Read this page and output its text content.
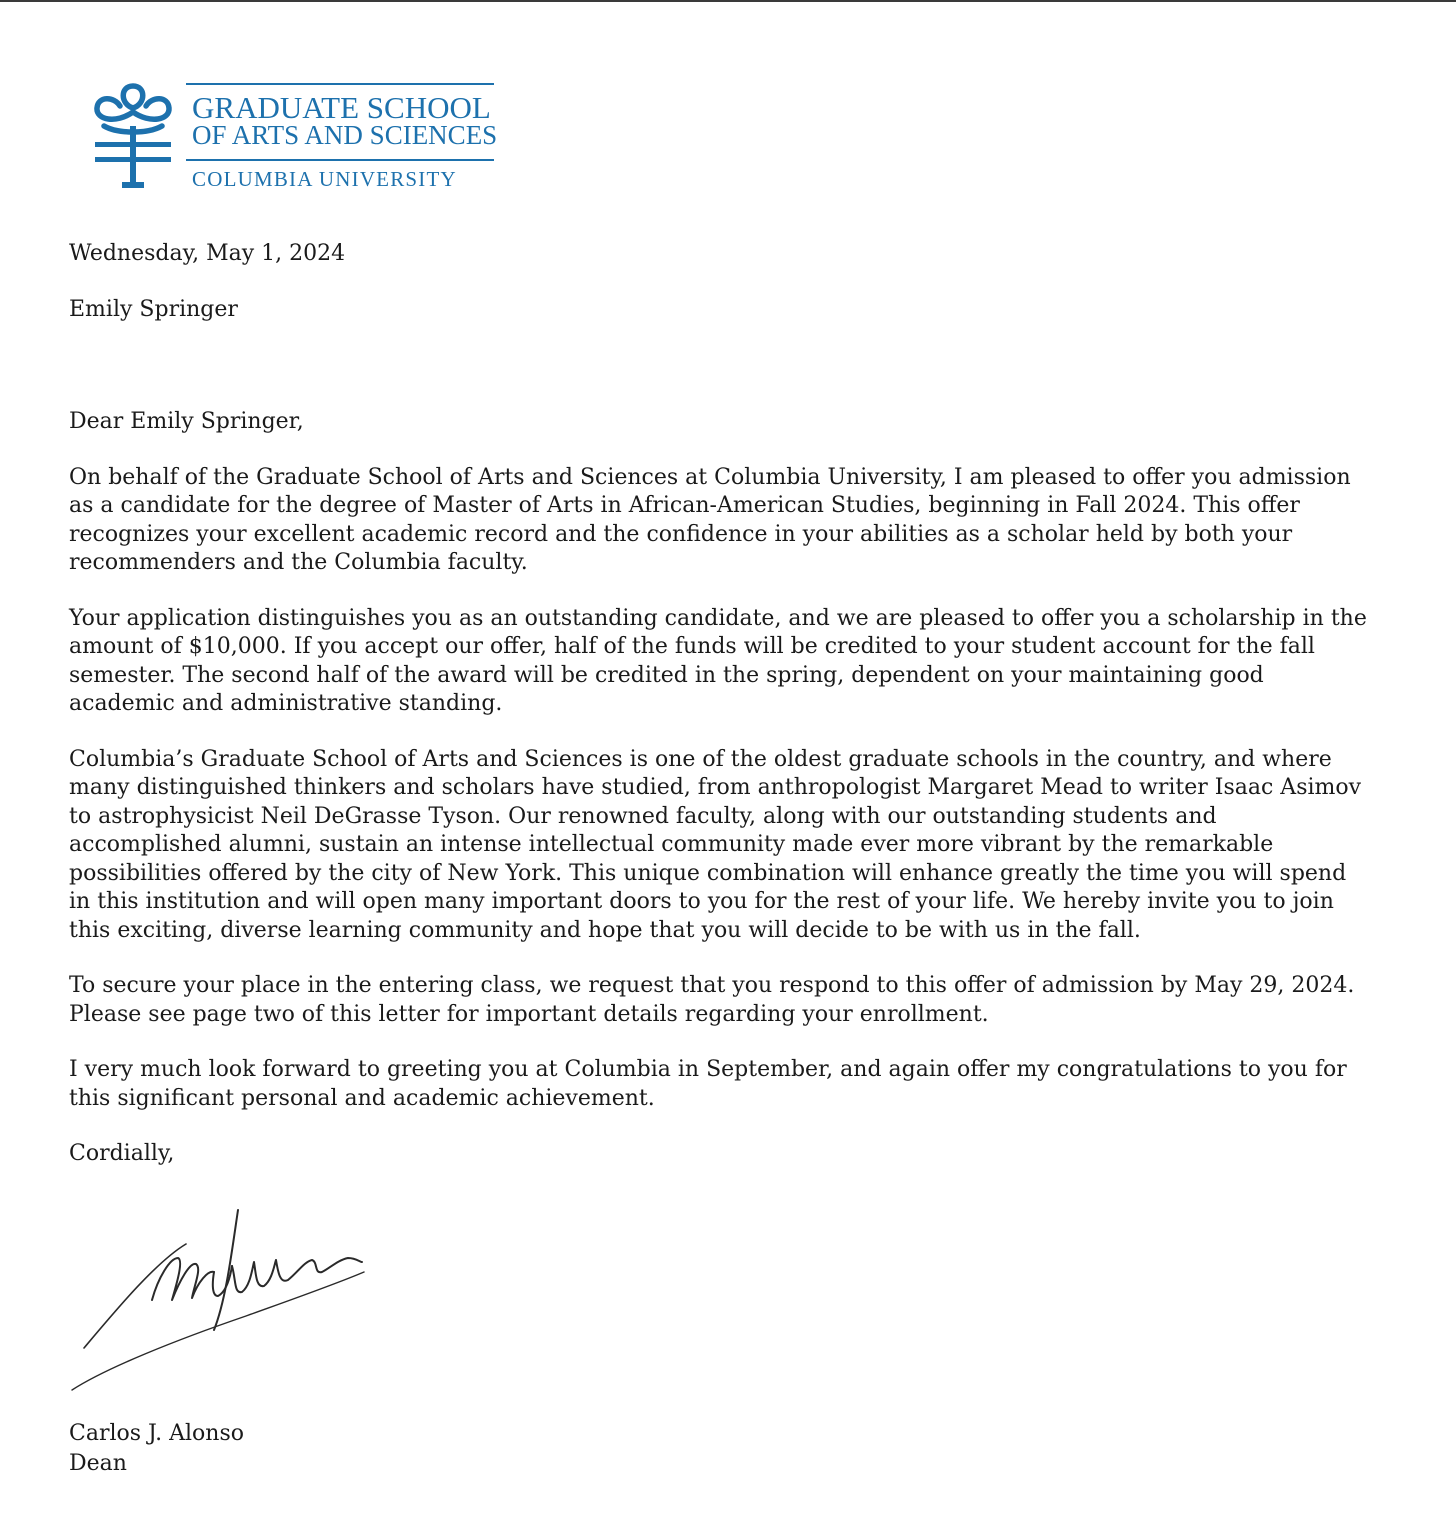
GRADUATE SCHOOL
OF ARTS AND SCIENCES
COLUMBIA UNIVERSITY

Wednesday, May 1, 2024

Emily Springer

Dear Emily Springer,

On behalf of the Graduate School of Arts and Sciences at Columbia University, I am pleased to offer you admission as a candidate for the degree of Master of Arts in African-American Studies, beginning in Fall 2024. This offer recognizes your excellent academic record and the confidence in your abilities as a scholar held by both your recommenders and the Columbia faculty.

Your application distinguishes you as an outstanding candidate, and we are pleased to offer you a scholarship in the amount of $10,000. If you accept our offer, half of the funds will be credited to your student account for the fall semester. The second half of the award will be credited in the spring, dependent on your maintaining good academic and administrative standing.

Columbia’s Graduate School of Arts and Sciences is one of the oldest graduate schools in the country, and where many distinguished thinkers and scholars have studied, from anthropologist Margaret Mead to writer Isaac Asimov to astrophysicist Neil DeGrasse Tyson. Our renowned faculty, along with our outstanding students and accomplished alumni, sustain an intense intellectual community made ever more vibrant by the remarkable possibilities offered by the city of New York. This unique combination will enhance greatly the time you will spend in this institution and will open many important doors to you for the rest of your life. We hereby invite you to join this exciting, diverse learning community and hope that you will decide to be with us in the fall.

To secure your place in the entering class, we request that you respond to this offer of admission by May 29, 2024. Please see page two of this letter for important details regarding your enrollment.

I very much look forward to greeting you at Columbia in September, and again offer my congratulations to you for this significant personal and academic achievement.

Cordially,

Carlos J. Alonso
Dean
